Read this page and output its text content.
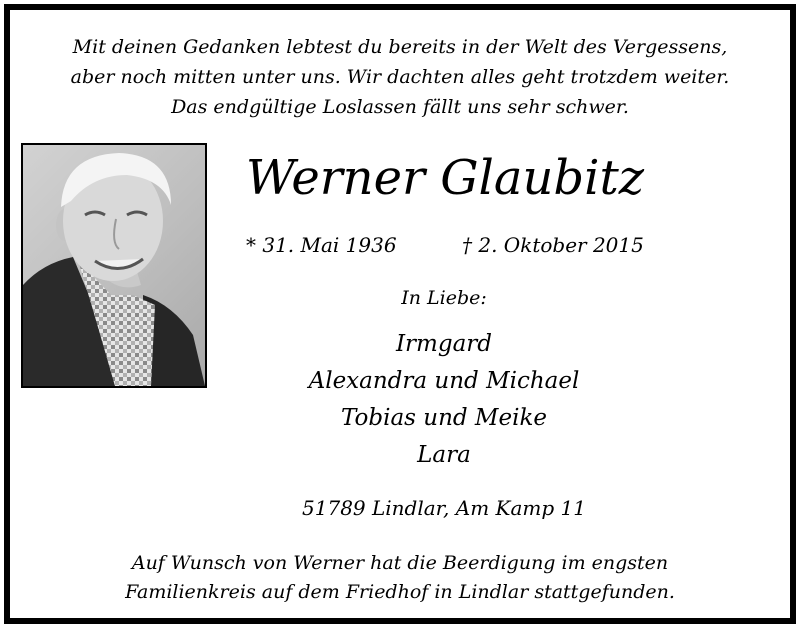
Mit deinen Gedanken lebtest du bereits in der Welt des Vergessens,
aber noch mitten unter uns. Wir dachten alles geht trotzdem weiter.
Das endgültige Loslassen fällt uns sehr schwer.
Werner Glaubitz
* 31. Mai 1936	† 2. Oktober 2015
In Liebe:
Irmgard
Alexandra und Michael
Tobias und Meike
Lara
51789 Lindlar, Am Kamp 11
Auf Wunsch von Werner hat die Beerdigung im engsten
Familienkreis auf dem Friedhof in Lindlar stattgefunden.
